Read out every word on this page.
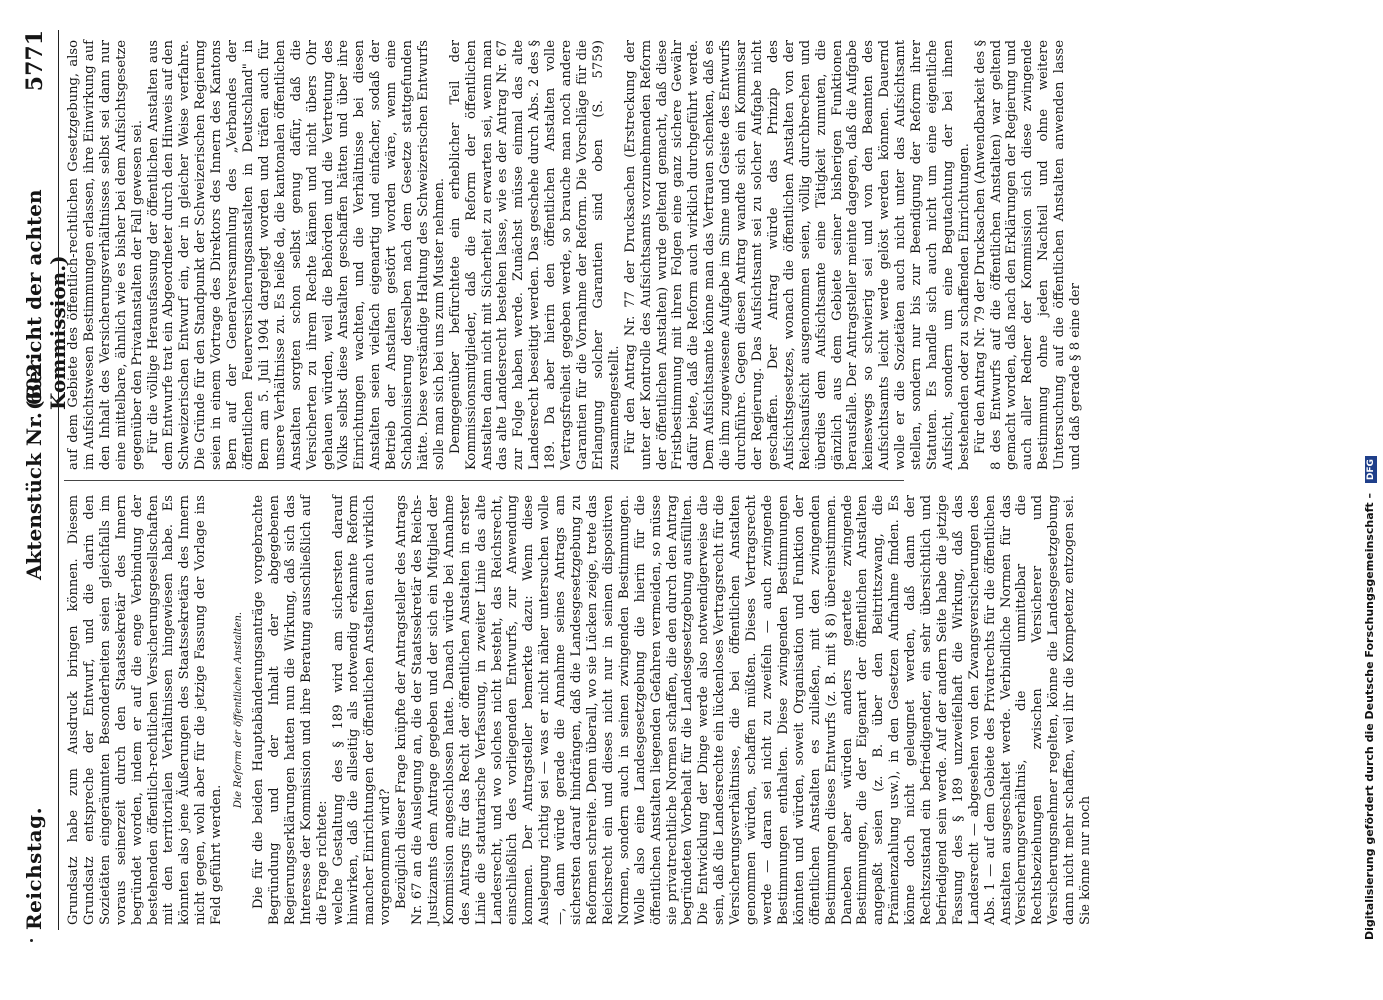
Reichstag.
Aktenstück Nr. 602.
(Bericht der achten Kommission.)
5771

Grundsatz habe zum Ausdruck bringen können. Diesem Grundsatz entspreche der Entwurf, und die darin den Sozietäten eingeräumten Besonderheiten seien gleichfalls im voraus seinerzeit durch den Staatssekretär des Innern begründet worden, indem er auf die enge Verbindung der bestehenden öffentlich-rechtlichen Versicherungsgesellschaften mit den territorialen Verhältnissen hingewiesen habe. Es könnten also jene Äußerungen des Staatssekretärs des Innern nicht gegen, wohl aber für die jetzige Fassung der Vorlage ins Feld geführt werden.

Die Reform der öffentlichen Anstalten. Die für die beiden Hauptabänderungsanträge vorgebrachte Begründung und der Inhalt der abgegebenen Regierungserklärungen hatten nun die Wirkung, daß sich das Interesse der Kommission und ihre Beratung ausschließlich auf die Frage richtete: welche Gestaltung des § 189 wird am sichersten darauf hinwirken, daß die allseitig als notwendig erkannte Reform mancher Einrichtungen der öffentlichen Anstalten auch wirklich vorgenommen wird? Bezüglich dieser Frage knüpfte der Antragsteller des Antrags Nr. 67 an die Auslegung an, die der Staatssekretär des Reichs-Justizamts dem Antrage gegeben und der sich ein Mitglied der Kommission angeschlossen hatte. Danach würde bei Annahme des Antrags für das Recht der öffentlichen Anstalten in erster Linie die statutarische Verfassung, in zweiter Linie das alte Landesrecht, und wo solches nicht besteht, das Reichsrecht, einschließlich des vorliegenden Entwurfs, zur Anwendung kommen. Der Antragsteller bemerkte dazu: Wenn diese Auslegung richtig sei — was er nicht näher untersuchen wolle —, dann würde gerade die Annahme seines Antrags am sichersten darauf hindrängen, daß die Landesgesetzgebung zu Reformen schreite. Denn überall, wo sie Lücken zeige, trete das Reichsrecht ein und dieses nicht nur in seinen dispositiven Normen, sondern auch in seinen zwingenden Bestimmungen. Wolle also eine Landesgesetzgebung die hierin für die öffentlichen Anstalten liegenden Gefahren vermeiden, so müsse sie privatrechtliche Normen schaffen, die den durch den Antrag begründeten Vorbehalt für die Landesgesetzgebung ausfüllten. Die Entwicklung der Dinge werde also notwendigerweise die sein, daß die Landesrechte ein lückenloses Vertragsrecht für die Versicherungsverhältnisse, die bei öffentlichen Anstalten genommen würden, schaffen müßten. Dieses Vertragsrecht werde — daran sei nicht zu zweifeln — auch zwingende Bestimmungen enthalten. Diese zwingenden Bestimmungen könnten und würden, soweit Organisation und Funktion der öffentlichen Anstalten es zuließen, mit den zwingenden Bestimmungen dieses Entwurfs (z. B. mit § 8) übereinstimmen. Daneben aber würden anders geartete zwingende Bestimmungen, die der Eigenart der öffentlichen Anstalten angepaßt seien (z. B. über den Beitrittszwang, die Prämienzahlung usw.), in den Gesetzen Aufnahme finden. Es könne doch nicht geleugnet werden, daß dann der Rechtszustand ein befriedigender, ein sehr übersichtlich und befriedigend sein werde. Auf der andern Seite habe die jetzige Fassung des § 189 unzweifelhaft die Wirkung, daß das Landesrecht — abgesehen von den Zwangsversicherungen des Abs. 1 — auf dem Gebiete des Privatrechts für die öffentlichen Anstalten ausgeschaltet werde. Verbindliche Normen für das Versicherungsverhältnis, die unmittelbar die Rechtsbeziehungen zwischen Versicherer und Versicherungsnehmer regelten, könne die Landesgesetzgebung dann nicht mehr schaffen, weil ihr die Kompetenz entzogen sei. Sie könne nur noch

auf dem Gebiete des öffentlich-rechtlichen Gesetzgebung, also im Aufsichtswesen Bestimmungen erlassen, ihre Einwirkung auf den Inhalt des Versicherungsverhältnisses selbst sei dann nur eine mittelbare, ähnlich wie es bisher bei dem Aufsichtsgesetze gegenüber den Privatanstalten der Fall gewesen sei. Für die völlige Herausfassung der öffentlichen Anstalten aus dem Entwurfe trat ein Abgeordneter durch den Hinweis auf den Schweizerischen Entwurf ein, der in gleicher Weise verfahre. Die Gründe für den Standpunkt der Schweizerischen Regierung seien in einem Vortrage des Direktors des Innern des Kantons Bern auf der Generalversammlung des „Verbandes der öffentlichen Feuerversicherungsanstalten in Deutschland" in Bern am 5. Juli 1904 dargelegt worden und träfen auch für unsere Verhältnisse zu. Es heiße da, die kantonalen öffentlichen Anstalten sorgten schon selbst genug dafür, daß die Versicherten zu ihrem Rechte kämen und nicht übers Ohr gehauen würden, weil die Behörden und die Vertretung des Volks selbst diese Anstalten geschaffen hätten und über ihre Einrichtungen wachten, und die Verhältnisse bei diesen Anstalten seien vielfach eigenartig und einfacher, sodaß der Betrieb der Anstalten gestört worden wäre, wenn eine Schablonisierung derselben nach dem Gesetze stattgefunden hätte. Diese verständige Haltung des Schweizerischen Entwurfs solle man sich bei uns zum Muster nehmen. Demgegenüber befürchtete ein erheblicher Teil der Kommissionsmitglieder, daß die Reform der öffentlichen Anstalten dann nicht mit Sicherheit zu erwarten sei, wenn man das alte Landesrecht bestehen lasse, wie es der Antrag Nr. 67 zur Folge haben werde. Zunächst müsse einmal das alte Landesrecht beseitigt werden. Das geschehe durch Abs. 2 des § 189. Da aber hierin den öffentlichen Anstalten volle Vertragsfreiheit gegeben werde, so brauche man noch andere Garantien für die Vornahme der Reform. Die Vorschläge für die Erlangung solcher Garantien sind oben (S. 5759) zusammengestellt. Für den Antrag Nr. 77 der Drucksachen (Erstreckung der unter der Kontrolle des Aufsichtsamts vorzunehmenden Reform der öffentlichen Anstalten) wurde geltend gemacht, daß diese Fristbestimmung mit ihren Folgen eine ganz sichere Gewähr dafür biete, daß die Reform auch wirklich durchgeführt werde. Dem Aufsichtsamte könne man das Vertrauen schenken, daß es die ihm zugewiesene Aufgabe im Sinne und Geiste des Entwurfs durchführe. Gegen diesen Antrag wandte sich ein Kommissar der Regierung. Das Aufsichtsamt sei zu solcher Aufgabe nicht geschaffen. Der Antrag würde das Prinzip des Aufsichtsgesetzes, wonach die öffentlichen Anstalten von der Reichsaufsicht ausgenommen seien, völlig durchbrechen und überdies dem Aufsichtsamte eine Tätigkeit zumuten, die gänzlich aus dem Gebiete seiner bisherigen Funktionen herausfalle. Der Antragsteller meinte dagegen, daß die Aufgabe keineswegs so schwierig sei und von den Beamten des Aufsichtsamts leicht werde gelöst werden können. Dauernd wolle er die Sozietäten auch nicht unter das Aufsichtsamt stellen, sondern nur bis zur Beendigung der Reform ihrer Statuten. Es handle sich auch nicht um eine eigentliche Aufsicht, sondern um eine Begutachtung der bei ihnen bestehenden oder zu schaffenden Einrichtungen. Für den Antrag Nr. 79 der Drucksachen (Anwendbarkeit des § 8 des Entwurfs auf die öffentlichen Anstalten) war geltend gemacht worden, daß nach den Erklärungen der Regierung und auch aller Redner der Kommission sich diese zwingende Bestimmung ohne jeden Nachteil und ohne weitere Untersuchung auf die öffentlichen Anstalten anwenden lasse und daß gerade § 8 eine der

Digitalisierung gefördert durch die Deutsche Forschungsgemeinschaft – DFG
